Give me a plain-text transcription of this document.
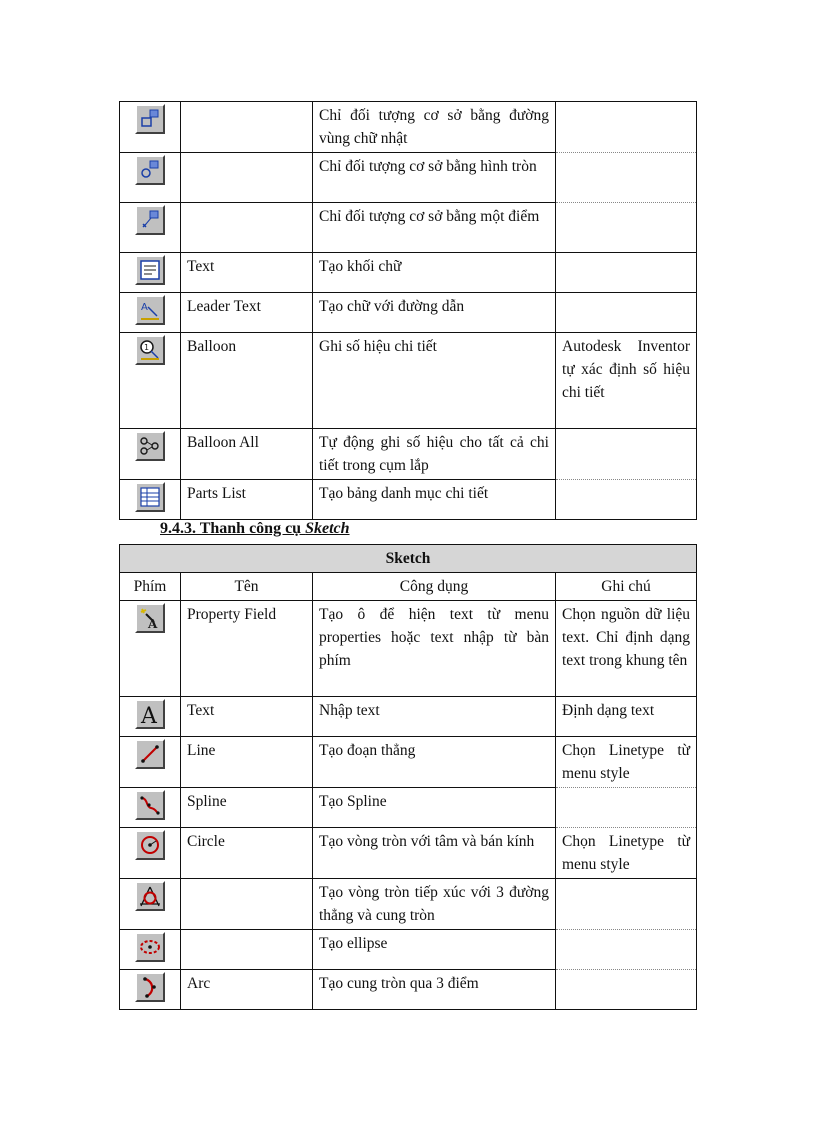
		Chỉ đối tượng cơ sở bằng đường vùng chữ nhật	

		Chỉ đối tượng cơ sở bằng hình tròn	

		Chỉ đối tượng cơ sở bằng một điểm	

	Text	Tạo khối chữ	

A	Leader Text	Tạo chữ với đường dẫn	

1	Balloon	Ghi số hiệu chi tiết	Autodesk Inventor tự xác định số hiệu chi tiết

	Balloon All	Tự động ghi số hiệu cho tất cả chi tiết trong cụm lắp	

	Parts List	Tạo bảng danh mục chi tiết	
9.4.3. Thanh công cụ Sketch
Sketch			
Phím	Tên	Công dụng	Ghi chú

A	Property Field	Tạo ô để hiện text từ menu properties hoặc text nhập từ bàn phím	Chọn nguồn dữ liệu text. Chỉ định dạng text trong khung tên

A	Text	Nhập text	Định dạng text

	Line	Tạo đoạn thẳng	Chọn Linetype từ menu style

	Spline	Tạo Spline	

	Circle	Tạo vòng tròn với tâm và bán kính	Chọn Linetype từ menu style

		Tạo vòng tròn tiếp xúc với 3 đường thẳng và cung tròn	

		Tạo ellipse	

	Arc	Tạo cung tròn qua 3 điểm	
